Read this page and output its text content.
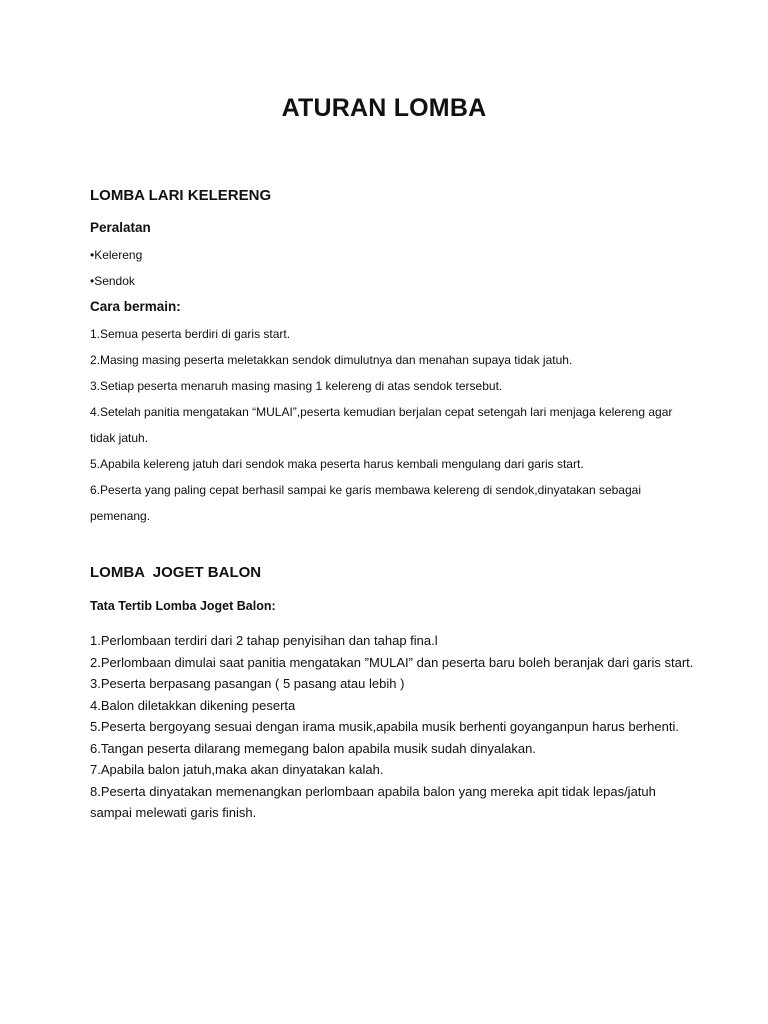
ATURAN LOMBA
LOMBA LARI KELERENG
Peralatan

•Kelereng

•Sendok

Cara bermain:

1.Semua peserta berdiri di garis start.

2.Masing masing peserta meletakkan sendok dimulutnya dan menahan supaya tidak jatuh.

3.Setiap peserta menaruh masing masing 1 kelereng di atas sendok tersebut.

4.Setelah panitia mengatakan “MULAI”,peserta kemudian berjalan cepat setengah lari menjaga kelereng agar tidak jatuh.

5.Apabila kelereng jatuh dari sendok maka peserta harus kembali mengulang dari garis start.

6.Peserta yang paling cepat berhasil sampai ke garis membawa kelereng di sendok,dinyatakan sebagai pemenang.

LOMBA  JOGET BALON
Tata Tertib Lomba Joget Balon:

1.Perlombaan terdiri dari 2 tahap penyisihan dan tahap fina.l

2.Perlombaan dimulai saat panitia mengatakan ”MULAI” dan peserta baru boleh beranjak dari garis start.

3.Peserta berpasang pasangan ( 5 pasang atau lebih )

4.Balon diletakkan dikening peserta

5.Peserta bergoyang sesuai dengan irama musik,apabila musik berhenti goyanganpun harus berhenti.

6.Tangan peserta dilarang memegang balon apabila musik sudah dinyalakan.

7.Apabila balon jatuh,maka akan dinyatakan kalah.

8.Peserta dinyatakan memenangkan perlombaan apabila balon yang mereka apit tidak lepas/jatuh   sampai melewati garis finish.
